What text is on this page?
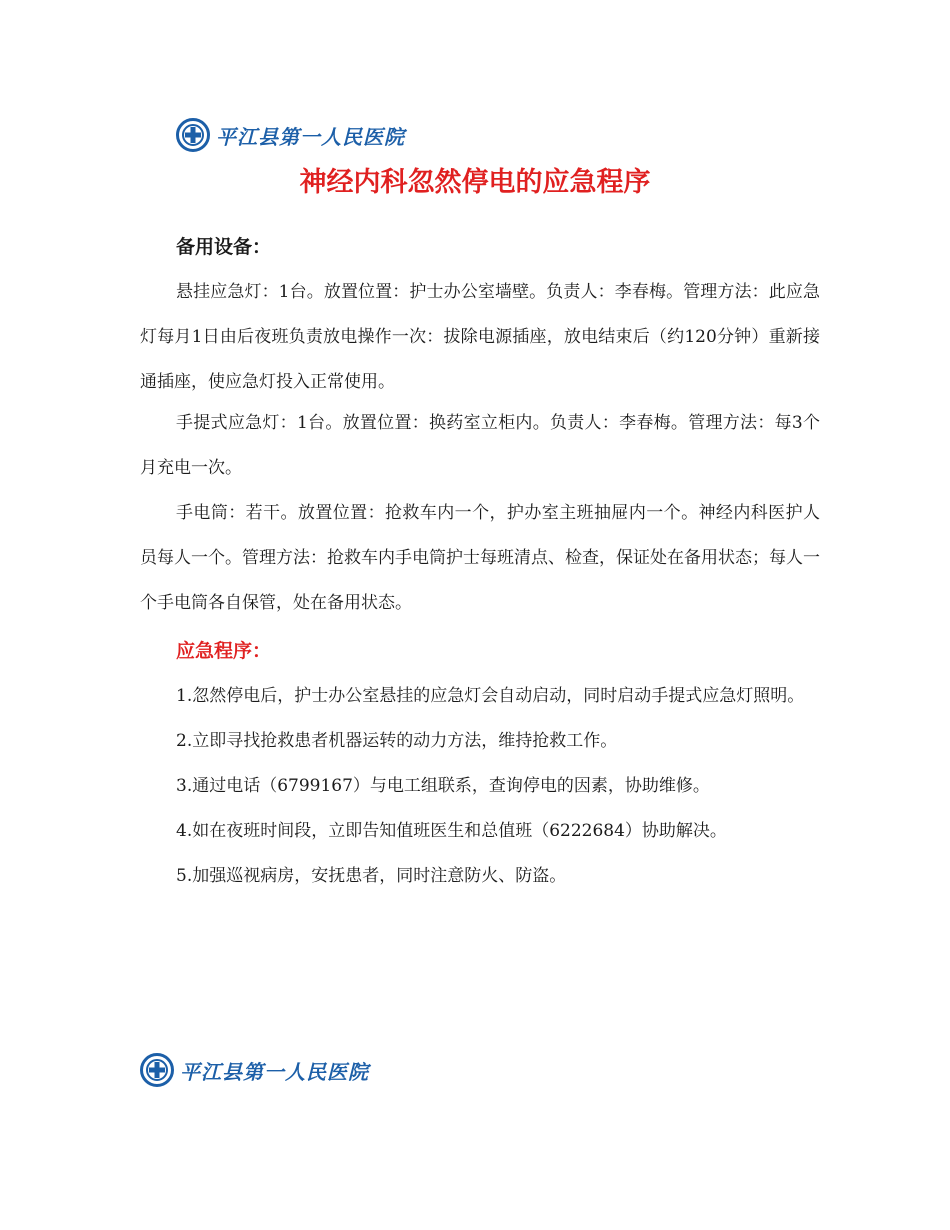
平江县第一人民医院
神经内科忽然停电的应急程序
备用设备：
悬挂应急灯：1台。放置位置：护士办公室墙壁。负责人：李春梅。管理方法：此应急灯每月1日由后夜班负责放电操作一次：拔除电源插座，放电结束后（约120分钟）重新接通插座，使应急灯投入正常使用。
手提式应急灯：1台。放置位置：换药室立柜内。负责人：李春梅。管理方法：每3个月充电一次。
手电筒：若干。放置位置：抢救车内一个，护办室主班抽屉内一个。神经内科医护人员每人一个。管理方法：抢救车内手电筒护士每班清点、检查，保证处在备用状态；每人一个手电筒各自保管，处在备用状态。
应急程序：
1.忽然停电后，护士办公室悬挂的应急灯会自动启动，同时启动手提式应急灯照明。
2.立即寻找抢救患者机器运转的动力方法，维持抢救工作。
3.通过电话（6799167）与电工组联系，查询停电的因素，协助维修。
4.如在夜班时间段，立即告知值班医生和总值班（6222684）协助解决。
5.加强巡视病房，安抚患者，同时注意防火、防盗。
平江县第一人民医院
